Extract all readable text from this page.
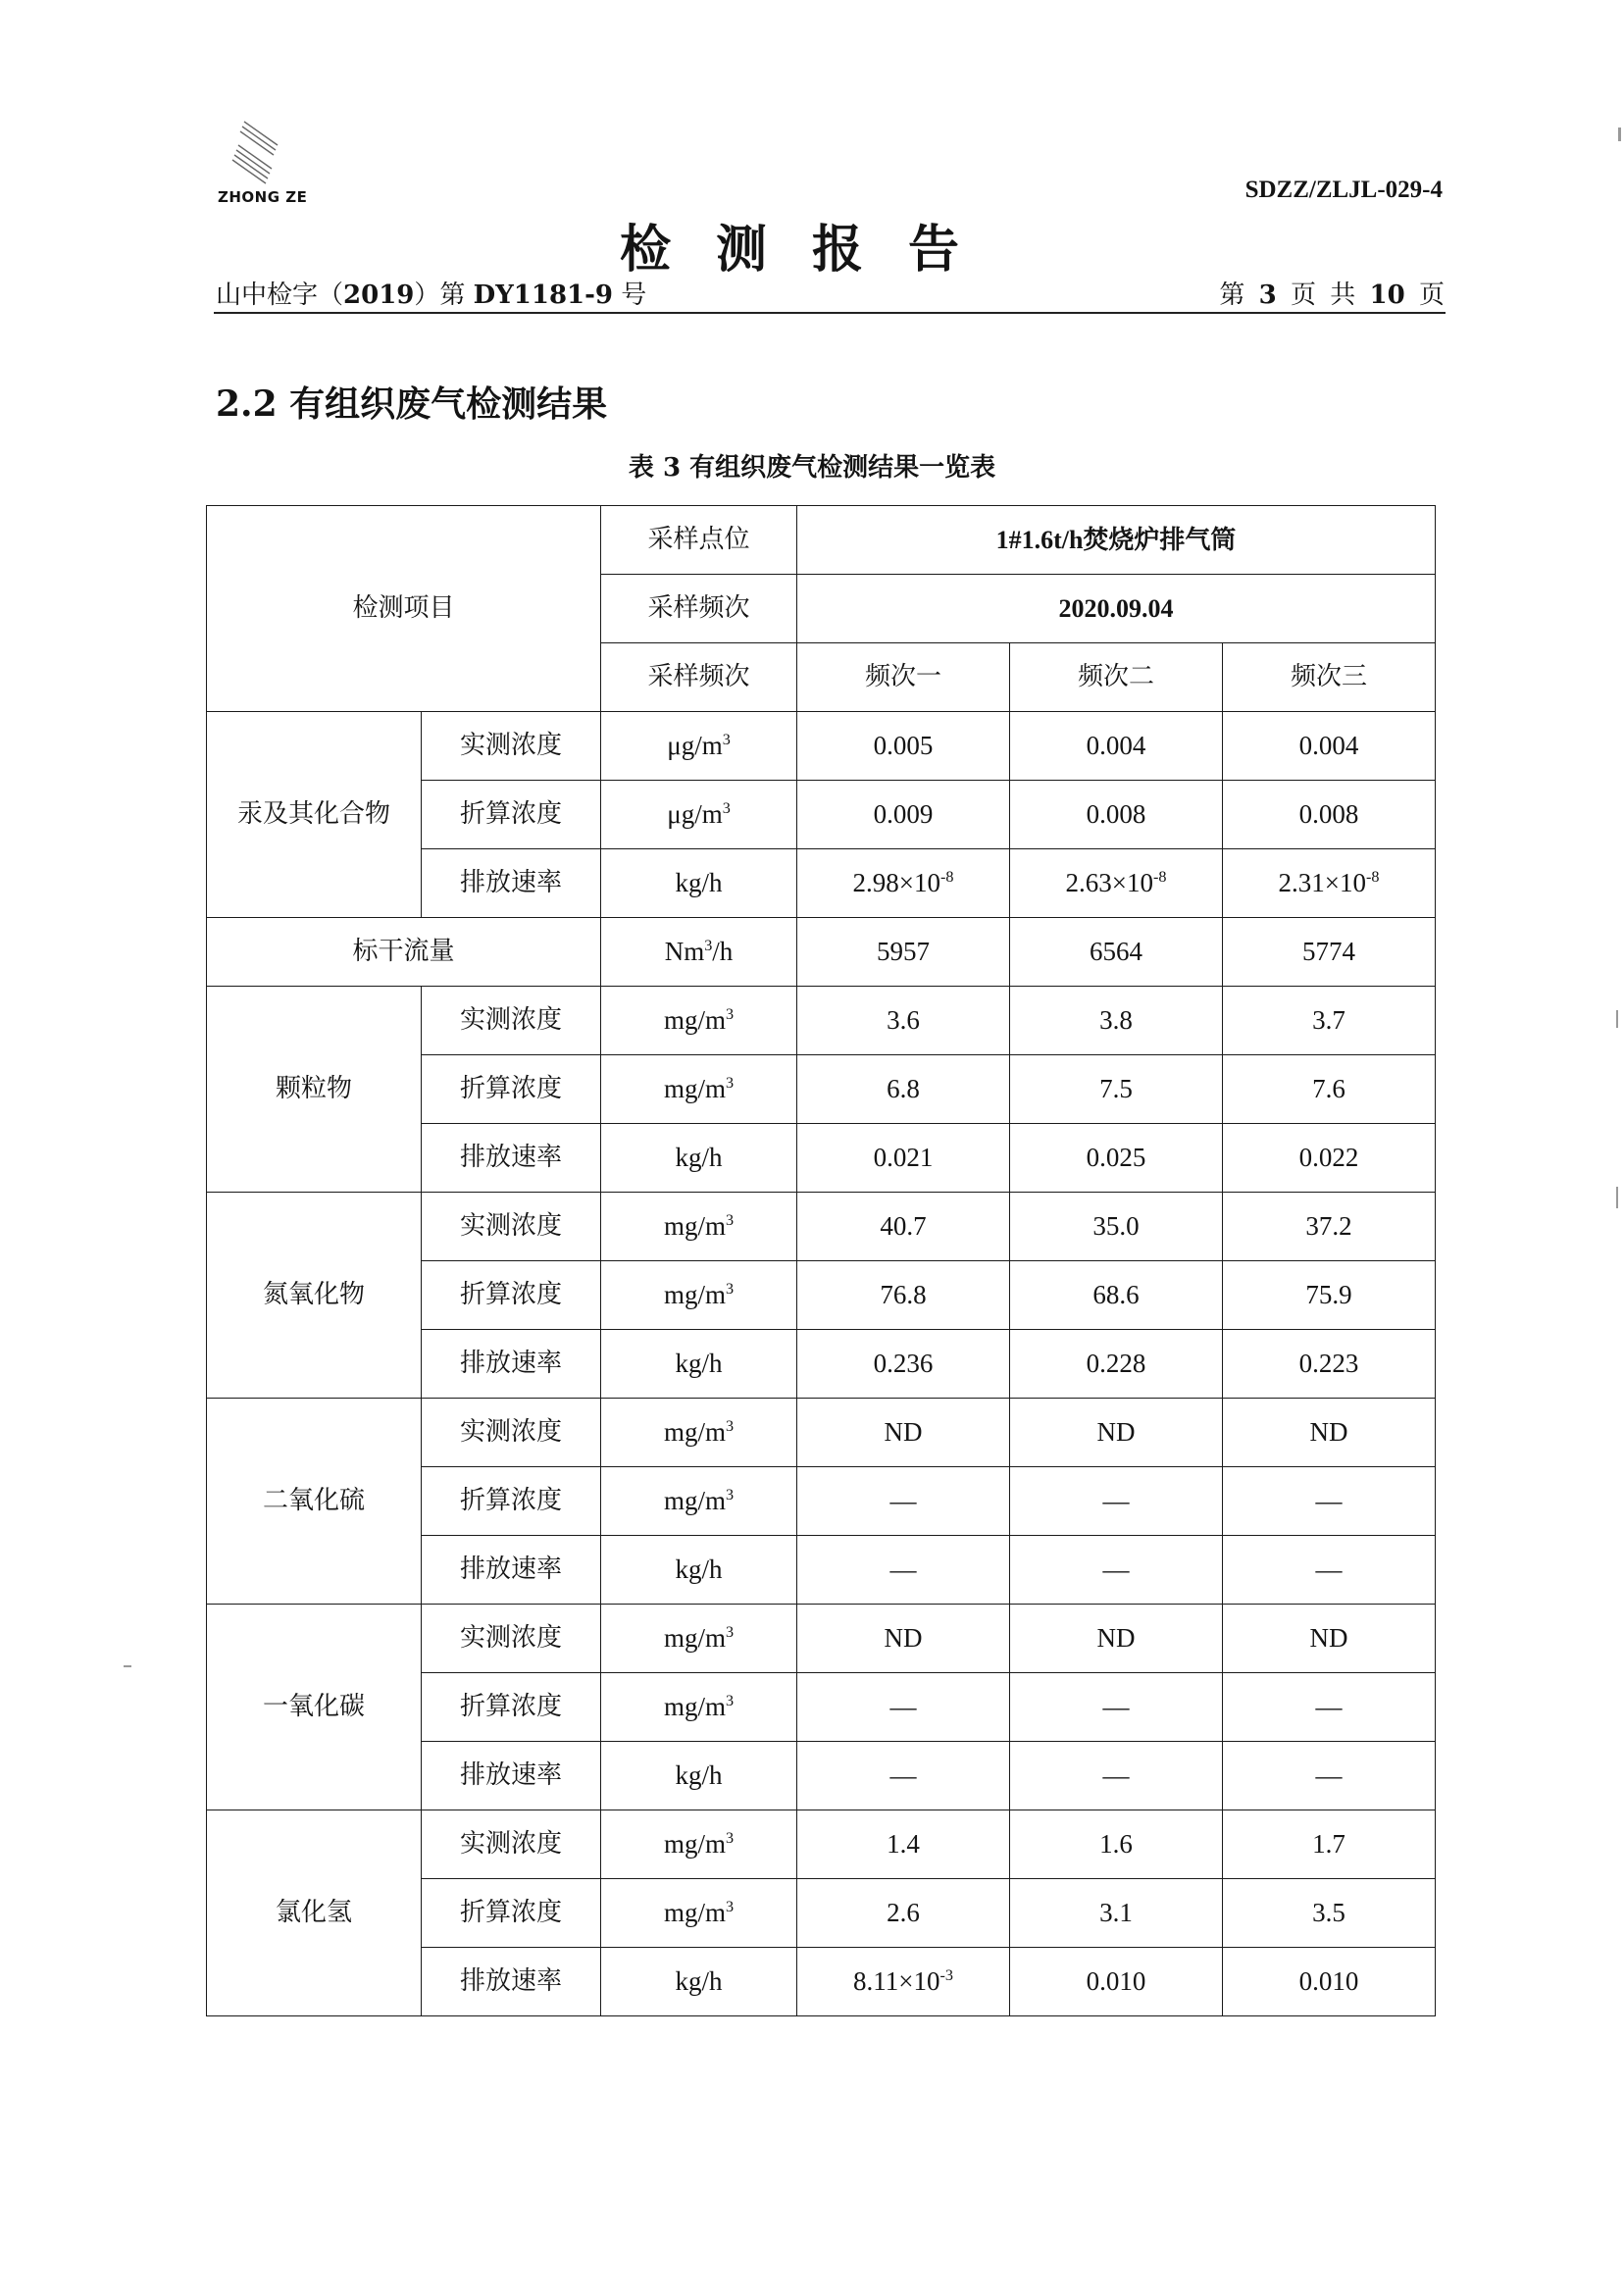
ZHONG ZE	SDZZ/ZLJL-029-4
检测报告
山中检字（2019）第 DY1181-9 号	第 3 页 共 10 页
2.2 有组织废气检测结果
表 3 有组织废气检测结果一览表
检测项目		采样点位	1#1.6t/h焚烧炉排气筒		
		采样频次	2020.09.04		
		采样频次	频次一	频次二	频次三
汞及其化合物	实测浓度	$\mu g/m^3$	0.005	0.004	0.004
	折算浓度	$\mu g/m^3$	0.009	0.008	0.008
	排放速率	kg/h	$2.98\times 10^{-8}$	$2.63\times 10^{-8}$	$2.31\times 10^{-8}$
标干流量		Nm$^3$/h	5957	6564	5774
颗粒物	实测浓度	$mg/m^3$	3.6	3.8	3.7
	折算浓度	$mg/m^3$	6.8	7.5	7.6
	排放速率	kg/h	0.021	0.025	0.022
氮氧化物	实测浓度	$mg/m^3$	40.7	35.0	37.2
	折算浓度	$mg/m^3$	76.8	68.6	75.9
	排放速率	kg/h	0.236	0.228	0.223
二氧化硫	实测浓度	$mg/m^3$	ND	ND	ND
	折算浓度	$mg/m^3$	—	—	—
	排放速率	kg/h	—	—	—
一氧化碳	实测浓度	$mg/m^3$	ND	ND	ND
	折算浓度	$mg/m^3$	—	—	—
	排放速率	kg/h	—	—	—
氯化氢	实测浓度	$mg/m^3$	1.4	1.6	1.7
	折算浓度	$mg/m^3$	2.6	3.1	3.5
	排放速率	kg/h	$8.11\times 10^{-3}$	0.010	0.010
